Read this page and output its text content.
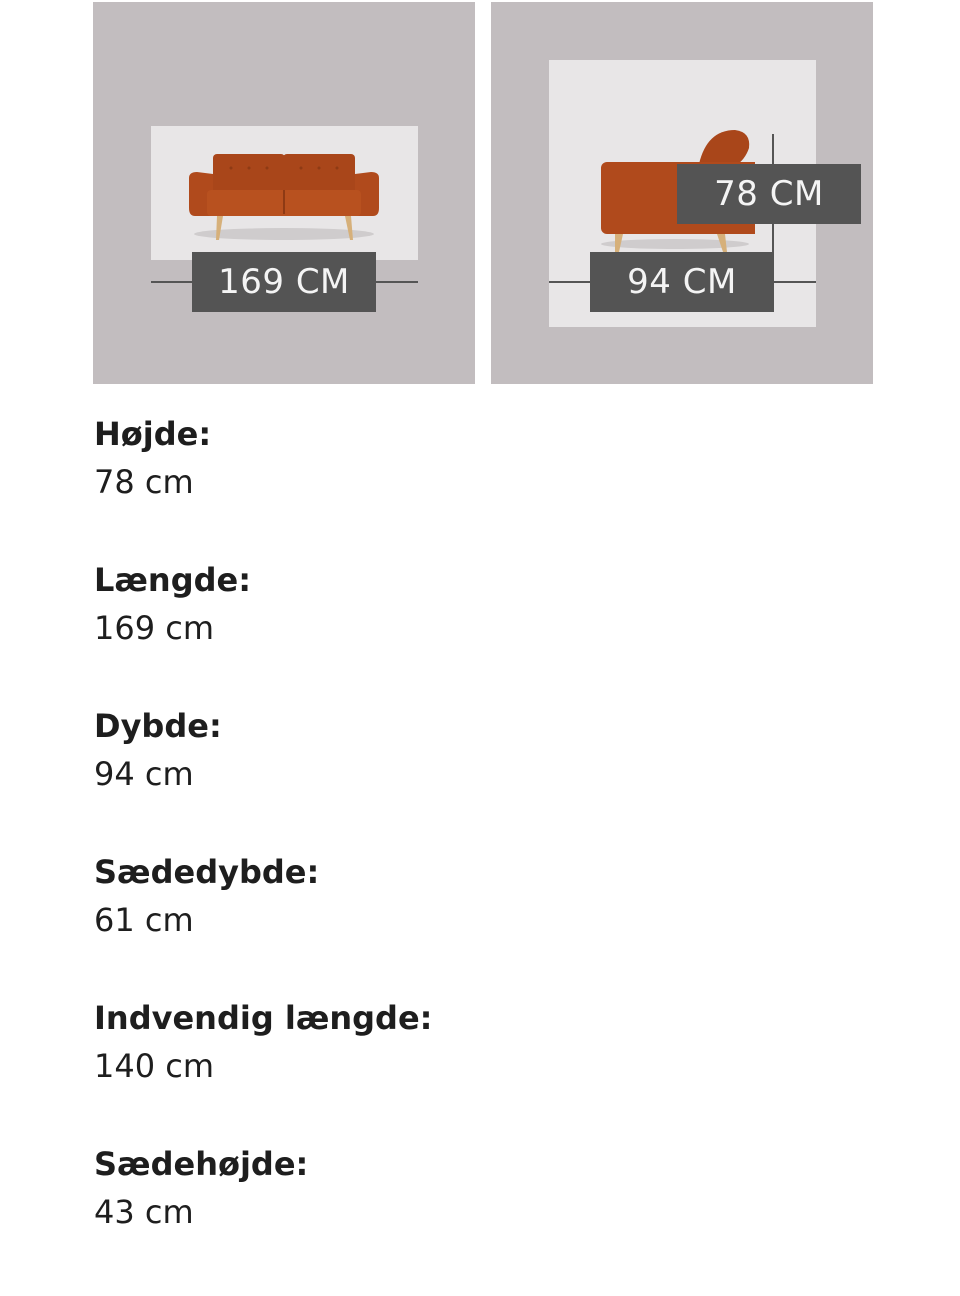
169 CM	94 CM
78 CM
Højde:
78 cm
Længde:
169 cm
Dybde:
94 cm
Sædedybde:
61 cm
Indvendig længde:
140 cm
Sædehøjde:
43 cm
